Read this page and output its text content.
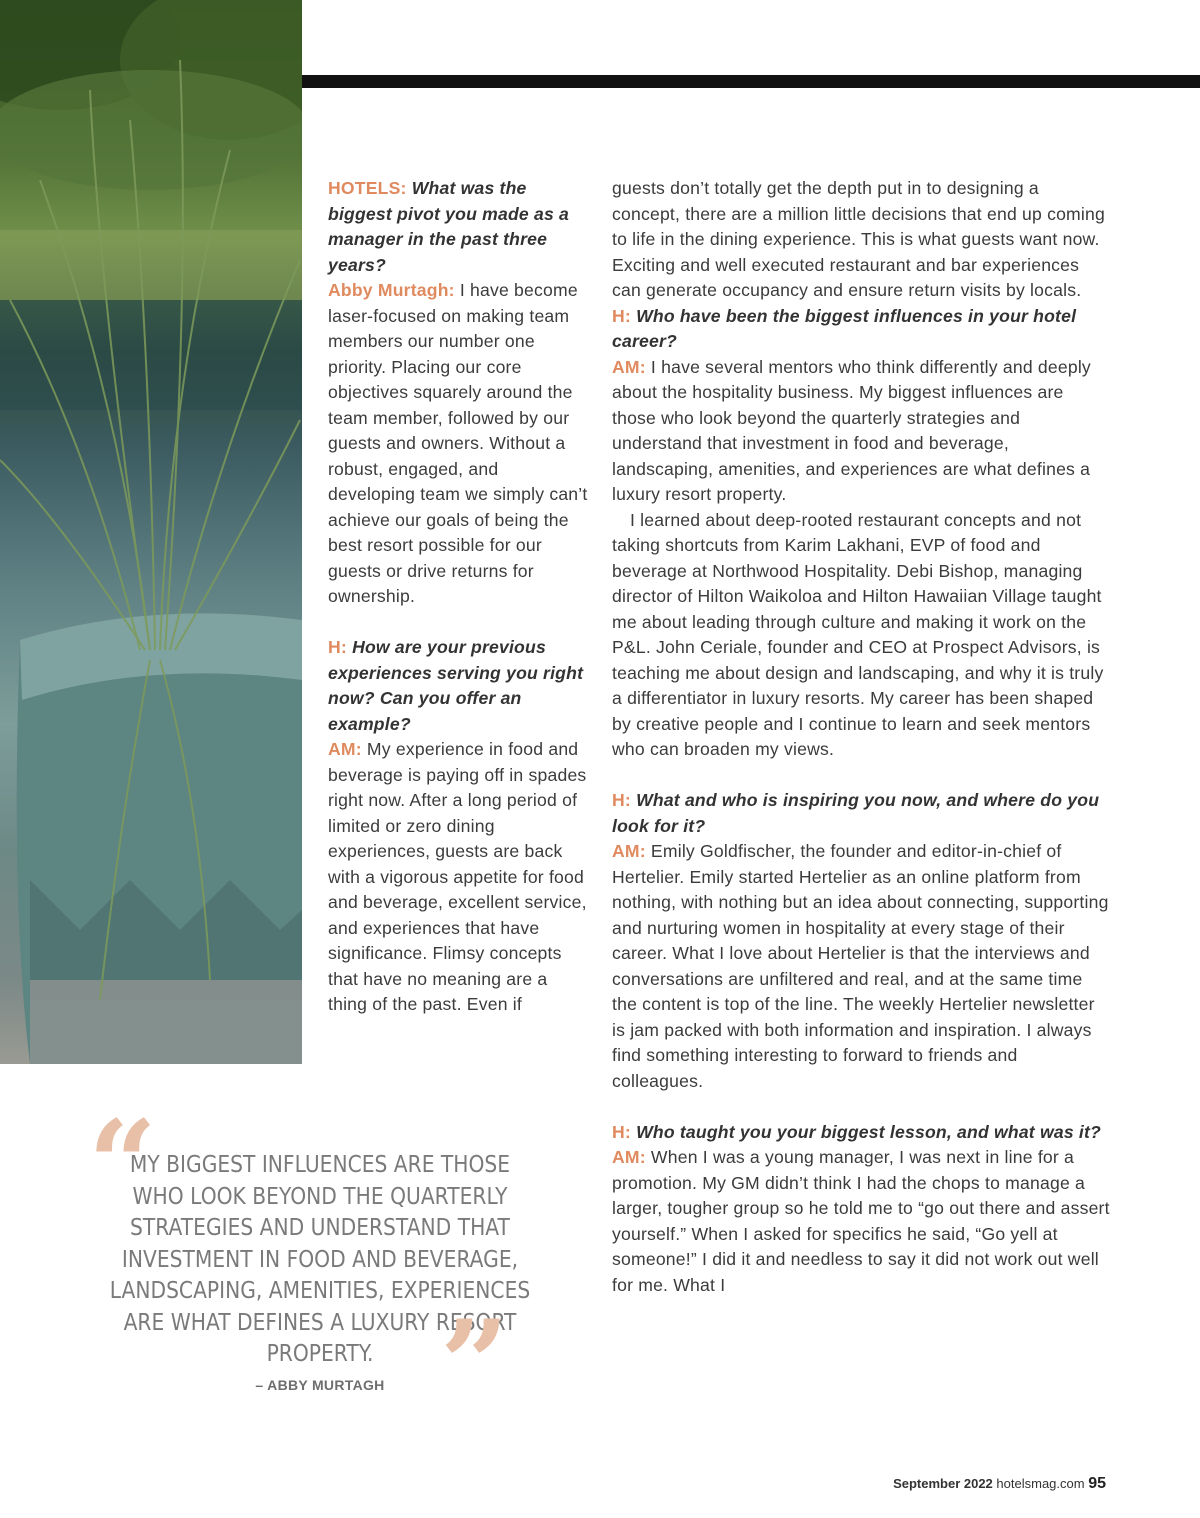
HOTELS: What was the biggest pivot you made as a manager in the past three years?

Abby Murtagh: I have become laser-focused on making team members our number one priority. Placing our core objectives squarely around the team member, followed by our guests and owners. Without a robust, engaged, and developing team we simply can’t achieve our goals of being the best resort possible for our guests or drive returns for ownership.

H: How are your previous experiences serving you right now? Can you offer an example?

AM: My experience in food and beverage is paying off in spades right now. After a long period of limited or zero dining experiences, guests are back with a vigorous appetite for food and beverage, excellent service, and experiences that have significance. Flimsy concepts that have no meaning are a thing of the past. Even if

guests don’t totally get the depth put in to designing a concept, there are a million little decisions that end up coming to life in the dining experience. This is what guests want now. Exciting and well executed restaurant and bar experiences can generate occupancy and ensure return visits by locals.

H: Who have been the biggest influences in your hotel career?

AM: I have several mentors who think differently and deeply about the hospitality business. My biggest influences are those who look beyond the quarterly strategies and understand that investment in food and beverage, landscaping, amenities, and experiences are what defines a luxury resort property.

I learned about deep-rooted restaurant concepts and not taking shortcuts from Karim Lakhani, EVP of food and beverage at Northwood Hospitality. Debi Bishop, managing director of Hilton Waikoloa and Hilton Hawaiian Village taught me about leading through culture and making it work on the P&L. John Ceriale, founder and CEO at Prospect Advisors, is teaching me about design and landscaping, and why it is truly a differentiator in luxury resorts. My career has been shaped by creative people and I continue to learn and seek mentors who can broaden my views.

H: What and who is inspiring you now, and where do you look for it?

AM: Emily Goldfischer, the founder and editor-in-chief of Hertelier. Emily started Hertelier as an online platform from nothing, with nothing but an idea about connecting, supporting and nurturing women in hospitality at every stage of their career. What I love about Hertelier is that the interviews and conversations are unfiltered and real, and at the same time the content is top of the line. The weekly Hertelier newsletter is jam packed with both information and inspiration. I always find something interesting to forward to friends and colleagues.

H: Who taught you your biggest lesson, and what was it?

AM: When I was a young manager, I was next in line for a promotion. My GM didn’t think I had the chops to manage a larger, tougher group so he told me to “go out there and assert yourself.” When I asked for specifics he said, “Go yell at someone!” I did it and needless to say it did not work out well for me. What I

“
MY BIGGEST INFLUENCES ARE THOSE WHO LOOK BEYOND THE QUARTERLY STRATEGIES AND UNDERSTAND THAT INVESTMENT IN FOOD AND BEVERAGE, LANDSCAPING, AMENITIES, EXPERIENCES ARE WHAT DEFINES A LUXURY RESORT PROPERTY. ”
– ABBY MURTAGH
September 2022 hotelsmag.com 95
